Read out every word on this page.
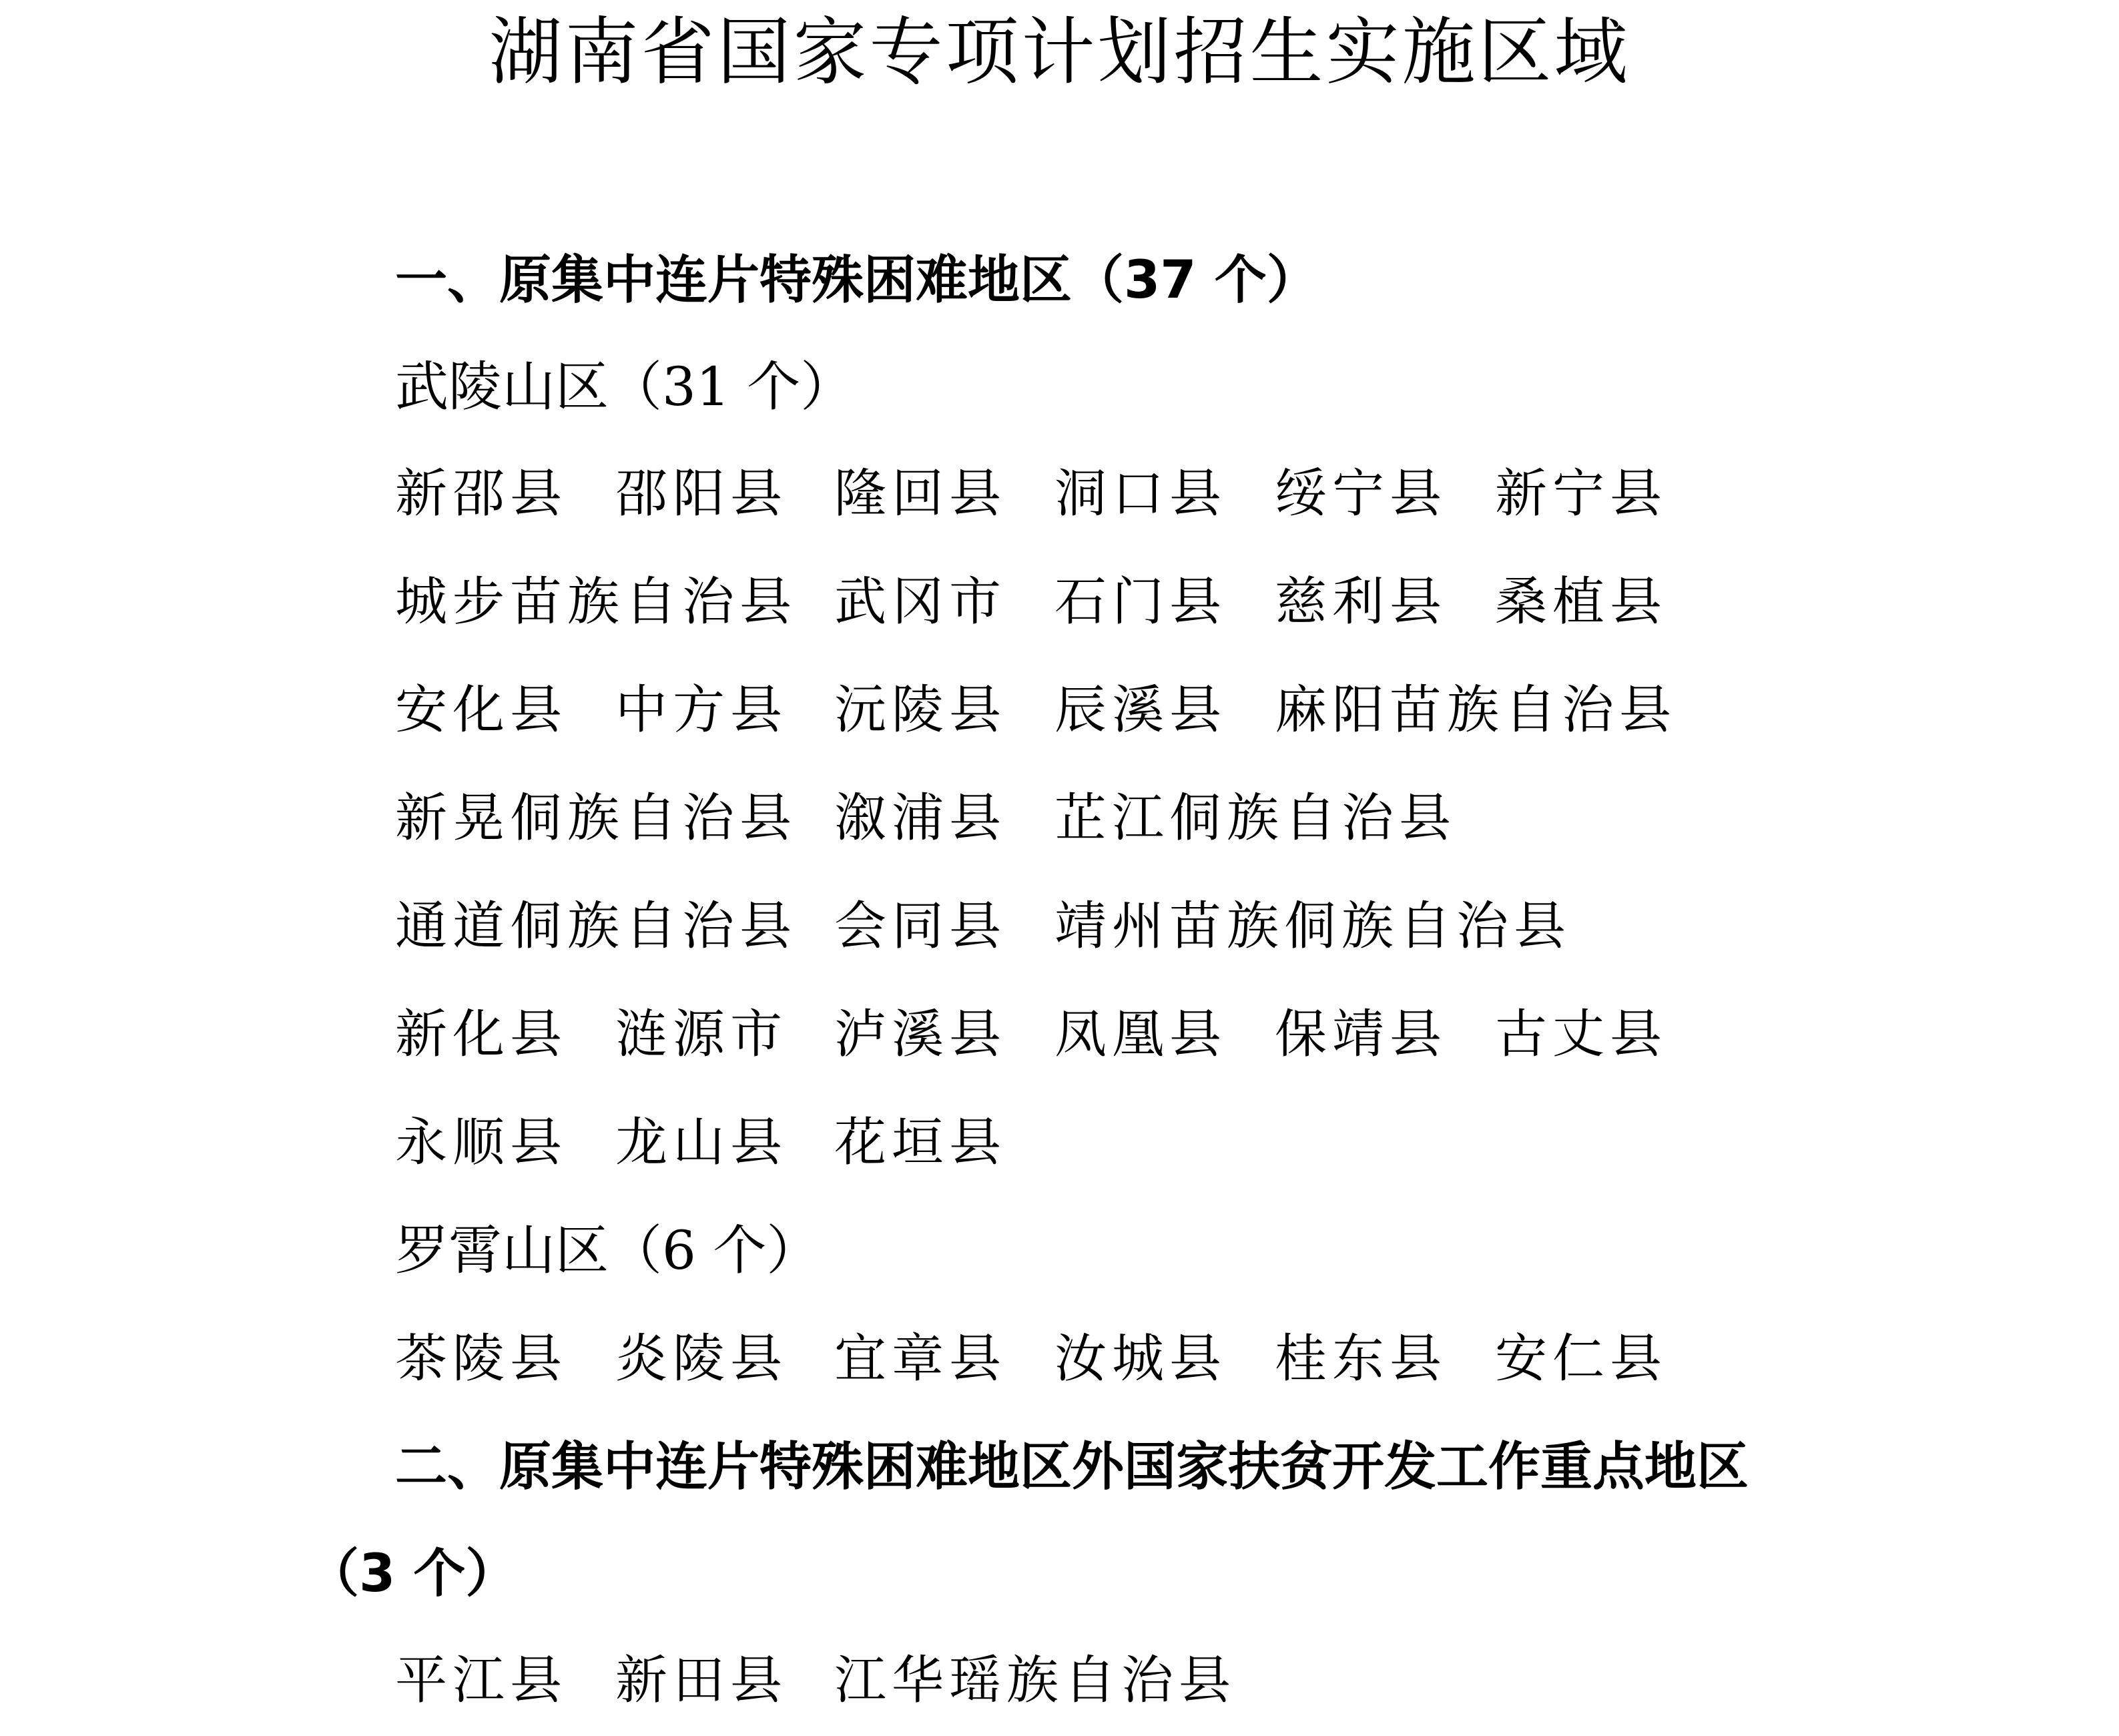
湖南省国家专项计划招生实施区域
一、原集中连片特殊困难地区（37 个）
武陵山区（31 个）
新邵县 邵阳县 隆回县 洞口县 绥宁县 新宁县
城步苗族自治县 武冈市 石门县 慈利县 桑植县
安化县 中方县 沅陵县 辰溪县 麻阳苗族自治县
新晃侗族自治县 溆浦县 芷江侗族自治县
通道侗族自治县 会同县 靖州苗族侗族自治县
新化县 涟源市 泸溪县 凤凰县 保靖县 古丈县
永顺县 龙山县 花垣县
罗霄山区（6 个）
茶陵县 炎陵县 宜章县 汝城县 桂东县 安仁县
二、原集中连片特殊困难地区外国家扶贫开发工作重点地区
（3 个）
平江县 新田县 江华瑶族自治县
